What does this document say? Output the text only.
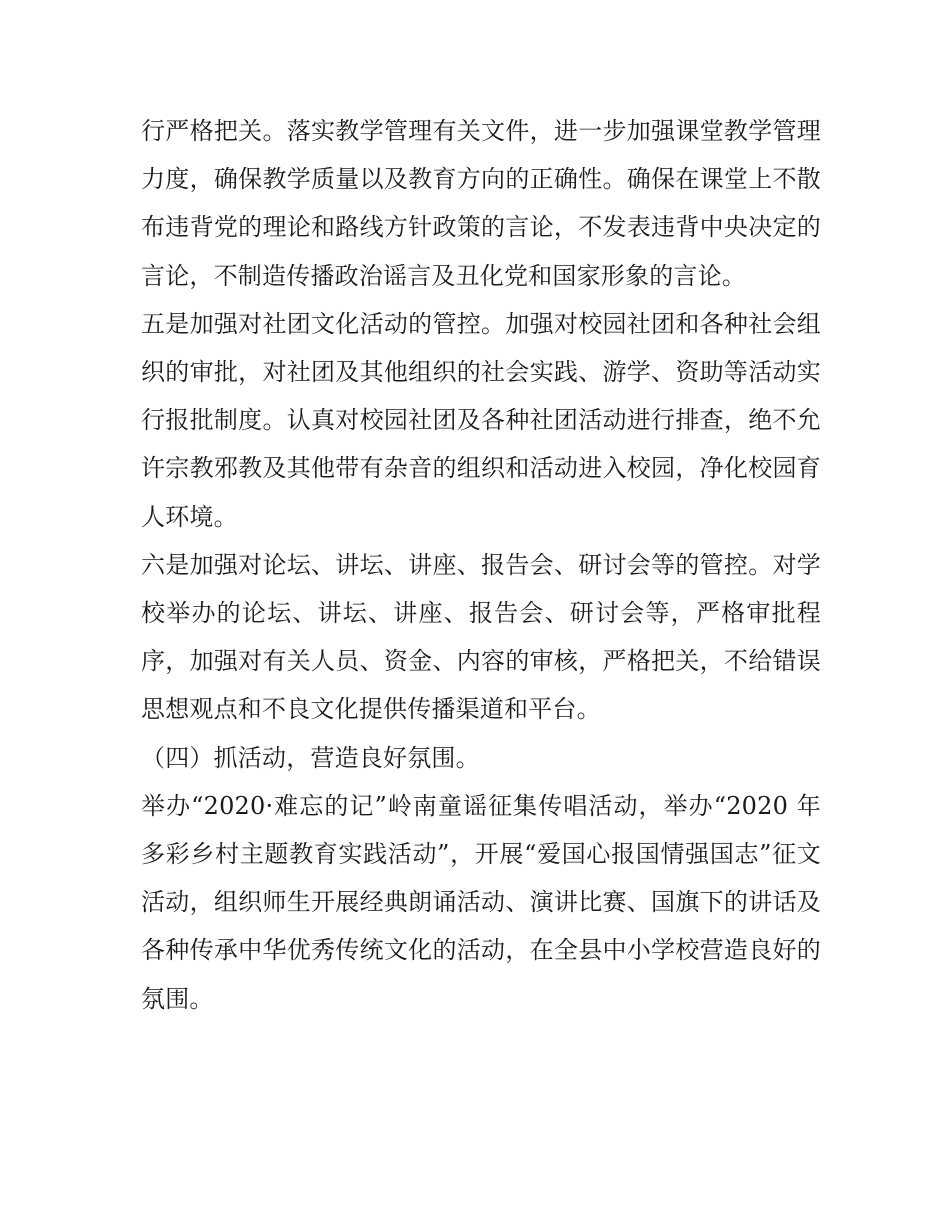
行严格把关。落实教学管理有关文件，进一步加强课堂教学管理力度，确保教学质量以及教育方向的正确性。确保在课堂上不散布违背党的理论和路线方针政策的言论，不发表违背中央决定的言论，不制造传播政治谣言及丑化党和国家形象的言论。

五是加强对社团文化活动的管控。加强对校园社团和各种社会组织的审批，对社团及其他组织的社会实践、游学、资助等活动实行报批制度。认真对校园社团及各种社团活动进行排查，绝不允许宗教邪教及其他带有杂音的组织和活动进入校园，净化校园育人环境。

六是加强对论坛、讲坛、讲座、报告会、研讨会等的管控。对学校举办的论坛、讲坛、讲座、报告会、研讨会等，严格审批程序，加强对有关人员、资金、内容的审核，严格把关，不给错误思想观点和不良文化提供传播渠道和平台。

（四）抓活动，营造良好氛围。

举办“2020·难忘的记”岭南童谣征集传唱活动，举办“2020 年多彩乡村主题教育实践活动”，开展“爱国心报国情强国志”征文活动，组织师生开展经典朗诵活动、演讲比赛、国旗下的讲话及各种传承中华优秀传统文化的活动，在全县中小学校营造良好的氛围。
